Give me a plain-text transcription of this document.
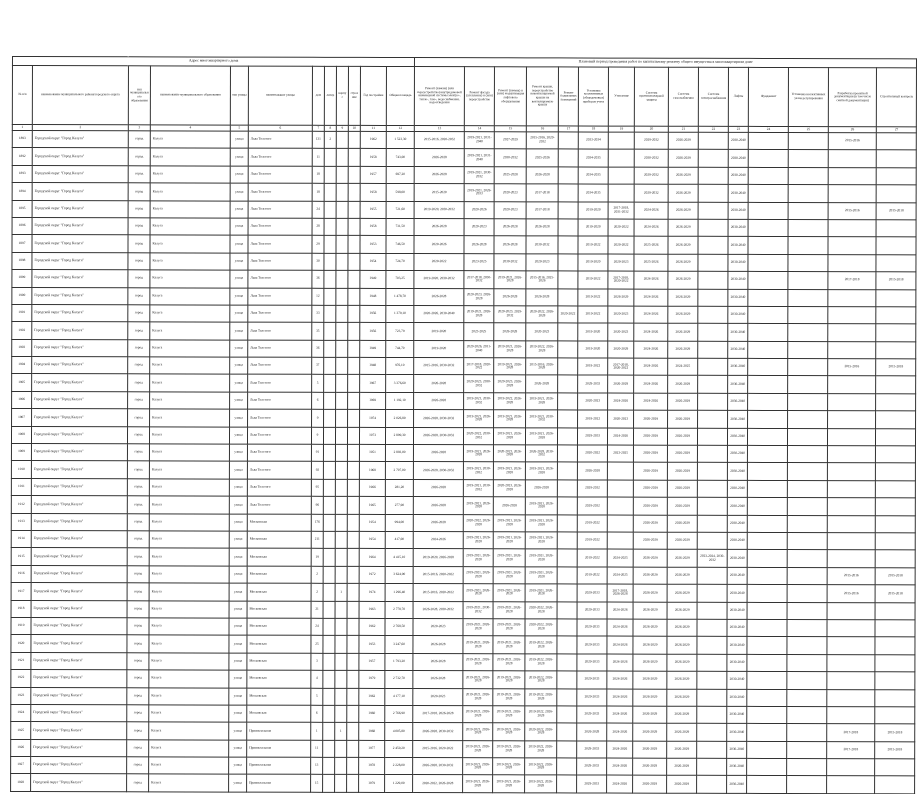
Адрес многоквартирного дома												Плановый период проведения работ по капитальному ремонту общего имущества в многоквартирном доме														
№ п/п	наименование муниципального района/городского округа	тип муниципального образования	наименование муниципального образования	тип улицы	наименование улицы	дом	литер	корпус	строение	Год постройки	Общая площадь	Ремонт (замена) (или переустройство) внутридомовой инженерной системы электро-, тепло-, газо-, водоснабжения, водоотведения	Ремонт фасада (утепление) и (или) переустройство	Ремонт (замена) и (или) модернизация лифтового оборудования	Ремонт крыши, переустройство невентилируемой крыши на вентилируемую крышу	Ремонт подвальных помещений	Установка коллективных (общедомовых) приборов учета	Утепление	Система противопожарной защиты	Система газоснабжения	Система электроснабжения	Лифты	Фундамент	Установка коллективных узлов регулирования	Разработка проектной документации (в том числе сметной документации)	Строительный контроль
1	2	3	4	5	6	7	8	9	10	11	12	13	14	15	16	17	18	19	20	21	22	23	24	25	26	27
1893	Городской округ "Город Калуга"	город	Калуга	улица	Льва Толстого	131	2			1962	1 523,30	2015-2016, 2020-2032	2019-2021, 2031-2040	2027-2029	2015-2016, 2020-2032		2033-2034		2029-2032	2026-2029		2030-2040			2015-2016	
1892	Городской округ "Город Калуга"	город	Калуга	улица	Льва Толстого	11				1958	743,00	2026-2028	2019-2021, 2031-2040	2030-2032	2025-2026		2034-2035		2030-2032	2026-2029		2030-2040				
1893	Городской округ "Город Калуга"	город	Калуга	улица	Льва Толстого	18				1957	697,20	2026-2028	2019-2021, 2030-2032	2025-2028	2026-2028		2034-2035		2029-2032	2026-2029		2030-2040				
1894	Городской округ "Город Калуга"	город	Калуга	улица	Льва Толстого	18				1958	598,00	2015-2020	2019-2021, 2026-2033	2020-2023	2017-2018		2034-2035		2029-2032	2026-2029		2030-2040				
1895	Городской округ "Город Калуга"	город	Калуга	улица	Льва Толстого	24				1955	721,60	2019-2020, 2030-2032	2020-2026	2020-2023	2017-2018		2019-2020	2017-2018, 2031-2032	2024-2026	2026-2029		2030-2040			2015-2016	2015-2018
1896	Городской округ "Город Калуга"	город	Калуга	улица	Льва Толстого	28				1958	731,50	2026-2028	2020-2023	2026-2028	2026-2028		2019-2020	2020-2022	2024-2026	2026-2029		2030-2040				
1897	Городской округ "Город Калуга"	город	Калуга	улица	Льва Толстого	29				1953	746,50	2020-2026	2026-2028	2026-2028	2030-2032		2019-2022	2020-2022	2025-2026	2026-2029		2030-2040				
1898	Городской округ "Город Калуга"	город	Калуга	улица	Льва Толстого	30				1954	724,70	2020-2022	2023-2025	2030-2032	2020-2023		2019-2020	2020-2023	2025-2026	2026-2029		2030-2040				
1899	Городской округ "Город Калуга"	город	Калуга	улица	Льва Толстого	36				1949	703,25	2019-2020, 2030-2032	2017-2018, 2030-2032	2019-2021, 2026-2028	2015-2016, 2025-2026		2019-2022	2017-2018, 2020-2022	2024-2026	2026-2029		2030-2040			2017-2018	2015-2018
1900	Городской округ "Город Калуга"	город	Калуга	улица	Льва Толстого	12				1948	1 478,70	2026-2028	2020-2023, 2026-2028	2026-2028	2026-2028		2019-2022	2026-2029	2024-2026	2026-2029		2030-2040				
1901	Городской округ "Город Калуга"	город	Калуга	улица	Льва Толстого	33				1956	1 379,10	2020-2026, 2030-2040	2019-2021, 2026-2028	2020-2023, 2029-2032	2020-2022, 2026-2028	2020-2022	2019-2022	2020-2023	2024-2026	2026-2029		2030-2040				
1902	Городской округ "Город Калуга"	город	Калуга	улица	Льва Толстого	35				1956	723,79	2019-2020	2023-2025	2026-2028	2020-2023		2019-2020	2020-2023	2024-2026	2026-2029		2030-2040				
1903	Городской округ "Город Калуга"	город	Калуга	улица	Льва Толстого	36				1949	744,70	2019-2020	2020-2026, 2031-2040	2019-2021, 2026-2028	2019-2022, 2026-2028		2019-2020	2020-2029	2024-2026	2026-2029		2030-2040				
1904	Городской округ "Город Калуга"	город	Калуга	улица	Льва Толстого	37				1948	976,10	2015-2016, 2030-2032	2017-2018, 2020-2022	2019-2021, 2026-2028	2015-2016, 2026-2028		2019-2022	2017-2018, 2020-2022	2024-2026	2024-2025		2030-2040			2015-2016	2015-2018
1905	Городской округ "Город Калуга"	город	Калуга	улица	Льва Толстого	5				1967	3 376,60	2026-2028	2020-2023, 2030-2032	2020-2023, 2026-2028	2026-2028		2029-2033	2026-2029	2024-2026	2026-2029		2030-2040				
1906	Городской округ "Город Калуга"	город	Калуга	улица	Льва Толстого	6				1969	1 192,10	2026-2028	2019-2021, 2030-2032	2019-2022, 2026-2028	2019-2021, 2026-2028		2020-2023	2024-2026	2024-2026	2026-2029		2030-2040				
1907	Городской округ "Город Калуга"	город	Калуга	улица	Льва Толстого	9				1974	2 026,80	2026-2028, 2030-2032	2019-2021, 2026-2028	2019-2021, 2026-2028	2019-2021, 2030-2032		2019-2022	2020-2023	2026-2029	2026-2029		2030-2040				
1908	Городской округ "Город Калуга"	город	Калуга	улица	Льва Толстого	9				1973	2 899,30	2026-2028, 2030-2032	2020-2022, 2030-2032	2019-2021, 2026-2028	2019-2021, 2026-2028		2029-2033	2024-2026	2026-2029	2026-2029		2030-2040				
1909	Городской округ "Город Калуга"	город	Калуга	улица	Льва Толстого	91				1951	2 893,00	2026-2028	2019-2021, 2026-2028	2020-2023, 2026-2028	2026-2028, 2030-2032		2020-2022	2023-2025	2026-2029	2026-2029		2030-2040				
1910	Городской округ "Город Калуга"	город	Калуга	улица	Льва Толстого	92				1968	2 797,00	2026-2028, 2030-2032	2019-2021, 2030-2032	2019-2021, 2026-2028	2019-2021, 2026-2028		2026-2028		2026-2029	2026-2029		2030-2040				
1911	Городской округ "Город Калуга"	город	Калуга	улица	Льва Толстого	95				1966	281,20	2026-2028	2019-2021, 2030-2032	2020-2023, 2026-2028	2026-2028		2029-2032		2026-2029	2026-2029		2030-2040				
1912	Городской округ "Город Калуга"	город	Калуга	улица	Льва Толстого	96				1965	277,90	2026-2028	2019-2021, 2026-2028	2026-2028	2019-2021, 2026-2028		2029-2032		2026-2029	2026-2029		2030-2040				
1913	Городской округ "Город Калуга"	город	Калуга	улица	Московская	176				1954	994,00	2026-2028	2020-2022, 2026-2028	2019-2021, 2026-2028	2019-2021, 2026-2028		2019-2022		2026-2029	2026-2029		2030-2040				
1914	Городской округ "Город Калуга"	город	Калуга	улица	Московская	211				1954	417,00	2024-2026	2019-2021, 2026-2028	2019-2021, 2026-2028	2019-2021, 2026-2028		2019-2022		2026-2029	2026-2029		2030-2040				
1915	Городской округ "Город Калуга"	город	Калуга	улица	Московская	19				1964	4 415,10	2019-2020, 2026-2028	2019-2021, 2026-2028	2019-2021, 2026-2028	2019-2021, 2026-2028		2019-2022	2024-2025	2026-2029	2026-2029	2023-2024, 2030-2032	2030-2040				
1916	Городской округ "Город Калуга"	город	Калуга	улица	Московская	2				1972	3 624,90	2015-2016, 2020-2022	2019-2021, 2026-2028	2019-2021, 2026-2028	2019-2021, 2026-2028		2019-2022	2024-2025	2026-2029	2026-2029		2030-2040			2015-2016	2015-2018
1917	Городской округ "Город Калуга"	город	Калуга	улица	Московская	2		1		1974	1 296,40	2015-2016, 2020-2022	2019-2021, 2026-2028	2019-2021, 2026-2028	2019-2021, 2026-2028		2029-2033	2017-2018, 2026-2028	2026-2029	2026-2029		2030-2040			2015-2016	2015-2018
1918	Городской округ "Город Калуга"	город	Калуга	улица	Московская	21				1963	2 778,70	2026-2028, 2030-2032	2019-2021, 2030-2032	2019-2021, 2026-2028	2020-2022, 2026-2028		2029-2033	2024-2026	2026-2029	2026-2029		2030-2040				
1919	Городской округ "Город Калуга"	город	Калуга	улица	Московская	24				1962	2 768,50	2020-2023	2019-2021, 2026-2028	2019-2021, 2026-2028	2020-2022, 2026-2028		2029-2033	2024-2026	2026-2029	2026-2029		2030-2040				
1920	Городской округ "Город Калуга"	город	Калуга	улица	Московская	25				1953	3 247,60	2026-2028	2019-2021, 2026-2028	2019-2021, 2026-2028	2019-2022, 2026-2028		2029-2033	2024-2026	2026-2029	2026-2029		2030-2040				
1921	Городской округ "Город Калуга"	город	Калуга	улица	Московская	3				1957	1 793,20	2026-2028	2019-2021, 2026-2028	2019-2021, 2026-2028	2019-2022, 2026-2028		2029-2033	2024-2026	2026-2029	2026-2029		2030-2040				
1922	Городской округ "Город Калуга"	город	Калуга	улица	Московская	4				1979	2 732,70	2026-2028	2019-2021, 2026-2028	2019-2021, 2026-2028	2019-2022, 2026-2028		2029-2033	2024-2026	2026-2029	2026-2029		2030-2040				
1923	Городской округ "Город Калуга"	город	Калуга	улица	Московская	5				1962	4 177,10	2020-2023	2019-2021, 2026-2028	2019-2021, 2026-2028	2019-2022, 2026-2028		2029-2033	2024-2026	2026-2029	2026-2029		2030-2040				
1924	Городской округ "Город Калуга"	город	Калуга	улица	Московская	6				1960	2 766,90	2017-2018, 2026-2028	2019-2021, 2026-2028	2019-2021, 2026-2028	2019-2022, 2026-2028		2029-2033	2024-2026	2026-2029	2026-2029		2030-2040				
1925	Городской округ "Город Калуга"	город	Калуга	улица	Привокзальная	1		1		1968	4 005,80	2026-2028, 2030-2032	2019-2021, 2026-2028	2019-2021, 2026-2028	2020-2022, 2026-2028		2026-2028	2024-2026	2026-2029	2026-2029		2030-2040			2017-2018	2015-2018
1926	Городской округ "Город Калуга"	город	Калуга	улица	Привокзальная	11				1977	2 459,20	2015-2016, 2020-2022	2019-2021, 2026-2028	2019-2021, 2026-2028	2019-2022, 2026-2028		2029-2033	2024-2026	2026-2029	2026-2029		2030-2040			2017-2018	2015-2018
1927	Городской округ "Город Калуга"	город	Калуга	улица	Привокзальная	13				1978	2 228,00	2026-2028, 2030-2032	2019-2021, 2026-2028	2019-2021, 2026-2028	2019-2022, 2026-2028		2029-2033	2024-2026	2026-2029	2026-2029		2030-2040				
1928	Городской округ "Город Калуга"	город	Калуга	улица	Привокзальная	15				1979	1 229,00	2020-2022, 2026-2028	2019-2021, 2026-2028	2019-2021, 2026-2028	2019-2022, 2026-2028		2029-2033	2024-2026	2026-2029	2026-2029		2030-2040				
